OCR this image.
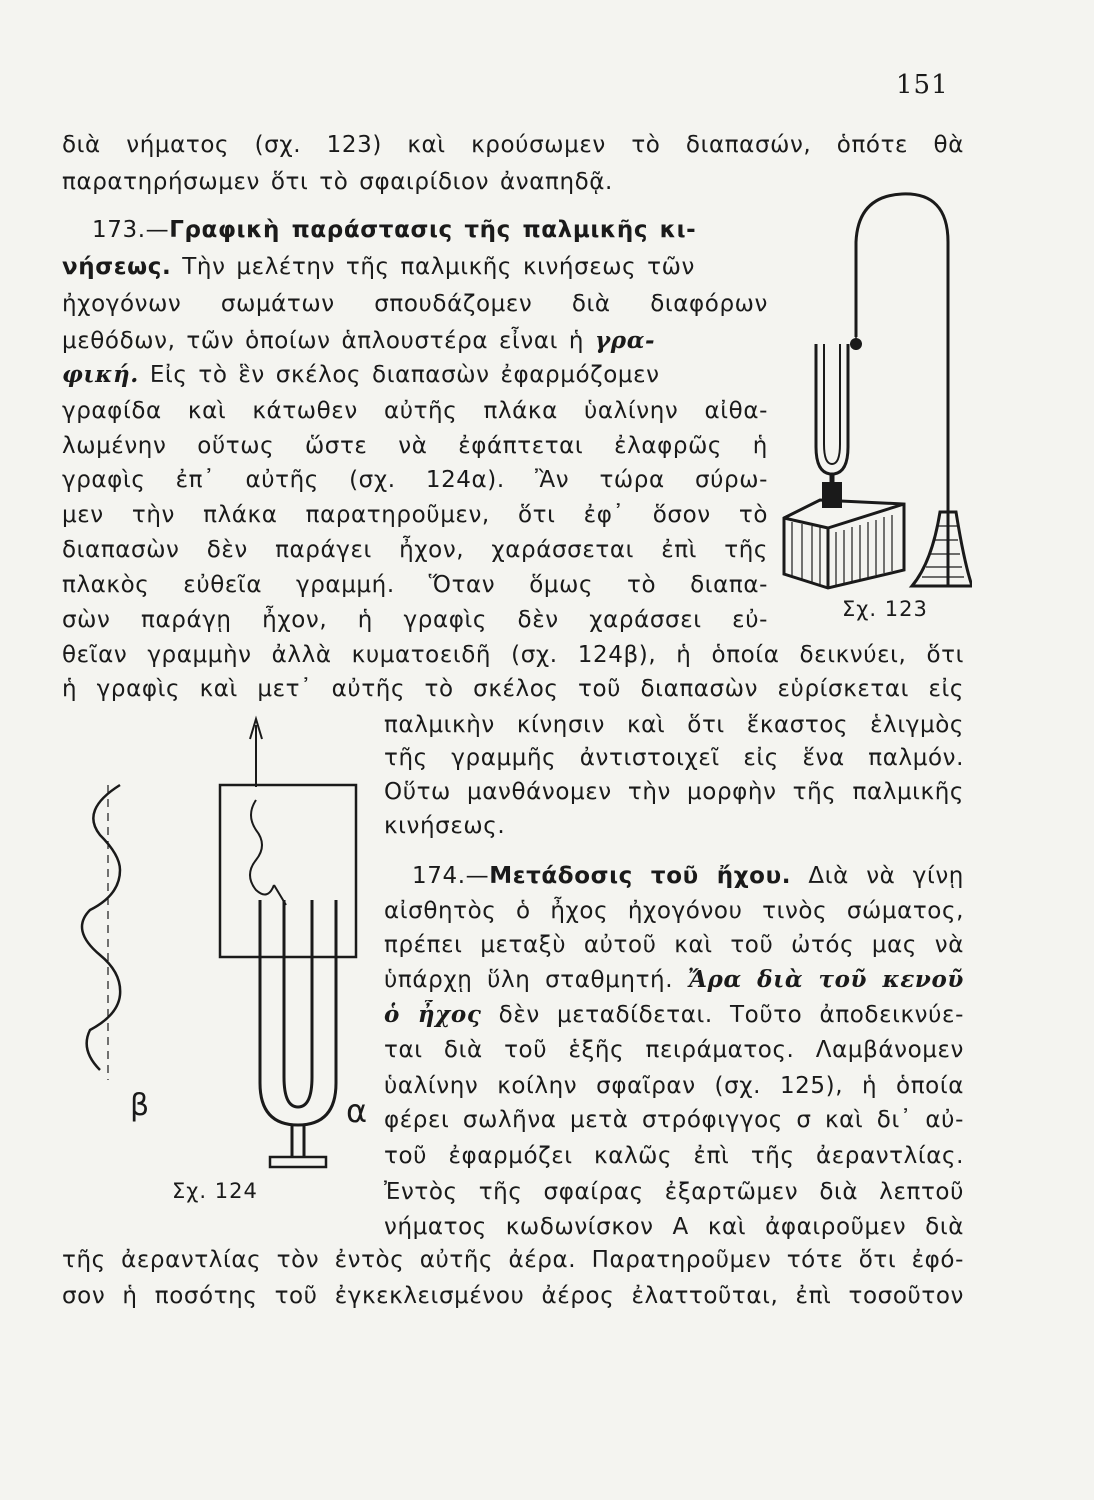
151
διὰ νήματος (σχ. 123) καὶ κρούσωμεν τὸ διαπασών, ὁπότε θὰ
παρατηρήσωμεν ὅτι τὸ σφαιρίδιον ἀναπηδᾷ.
173.—Γραφικὴ παράστασις τῆς παλμικῆς κι-
νήσεως. Τὴν μελέτην τῆς παλμικῆς κινήσεως τῶν
ἠχογόνων σωμάτων σπουδάζομεν διὰ διαφόρων
μεθόδων, τῶν ὁποίων ἁπλουστέρα εἶναι ἡ γρα-
φική. Εἰς τὸ ἓν σκέλος διαπασὼν ἐφαρμόζομεν
γραφίδα καὶ κάτωθεν αὐτῆς πλάκα ὑαλίνην αἰθα-
λωμένην οὕτως ὥστε νὰ ἐφάπτεται ἐλαφρῶς ἡ
γραφὶς ἐπ᾽ αὐτῆς (σχ. 124α). Ἂν τώρα σύρω-
μεν τὴν πλάκα παρατηροῦμεν, ὅτι ἐφ᾽ ὅσον τὸ
διαπασὼν δὲν παράγει ἦχον, χαράσσεται ἐπὶ τῆς
πλακὸς εὐθεῖα γραμμή. Ὅταν ὅμως τὸ διαπα-
σὼν παράγῃ ἦχον, ἡ γραφὶς δὲν χαράσσει εὐ-
θεῖαν γραμμὴν ἀλλὰ κυματοειδῆ (σχ. 124β), ἡ ὁποία δεικνύει, ὅτι
ἡ γραφὶς καὶ μετ᾽ αὐτῆς τὸ σκέλος τοῦ διαπασὼν εὑρίσκεται εἰς
παλμικὴν κίνησιν καὶ ὅτι ἕκαστος ἑλιγμὸς
τῆς γραμμῆς ἀντιστοιχεῖ εἰς ἕνα παλμόν.
Οὕτω μανθάνομεν τὴν μορφὴν τῆς παλμικῆς
κινήσεως.
174.—Μετάδοσις τοῦ ἤχου. Διὰ νὰ γίνῃ
αἰσθητὸς ὁ ἦχος ἠχογόνου τινὸς σώματος,
πρέπει μεταξὺ αὐτοῦ καὶ τοῦ ὠτός μας νὰ
ὑπάρχῃ ὕλη σταθμητή. Ἄρα διὰ τοῦ κενοῦ
ὁ ἦχος δὲν μεταδίδεται. Τοῦτο ἀποδεικνύε-
ται διὰ τοῦ ἑξῆς πειράματος. Λαμβάνομεν
ὑαλίνην κοίλην σφαῖραν (σχ. 125), ἡ ὁποία
φέρει σωλῆνα μετὰ στρόφιγγος σ καὶ δι᾽ αὐ-
τοῦ ἐφαρμόζει καλῶς ἐπὶ τῆς ἀεραντλίας.
Ἐντὸς τῆς σφαίρας ἐξαρτῶμεν διὰ λεπτοῦ
νήματος κωδωνίσκον Α καὶ ἀφαιροῦμεν διὰ
τῆς ἀεραντλίας τὸν ἐντὸς αὐτῆς ἀέρα. Παρατηροῦμεν τότε ὅτι ἐφό-
σον ἡ ποσότης τοῦ ἐγκεκλεισμένου ἀέρος ἐλαττοῦται, ἐπὶ τοσοῦτον
Σχ. 123
β	α
Σχ. 124
